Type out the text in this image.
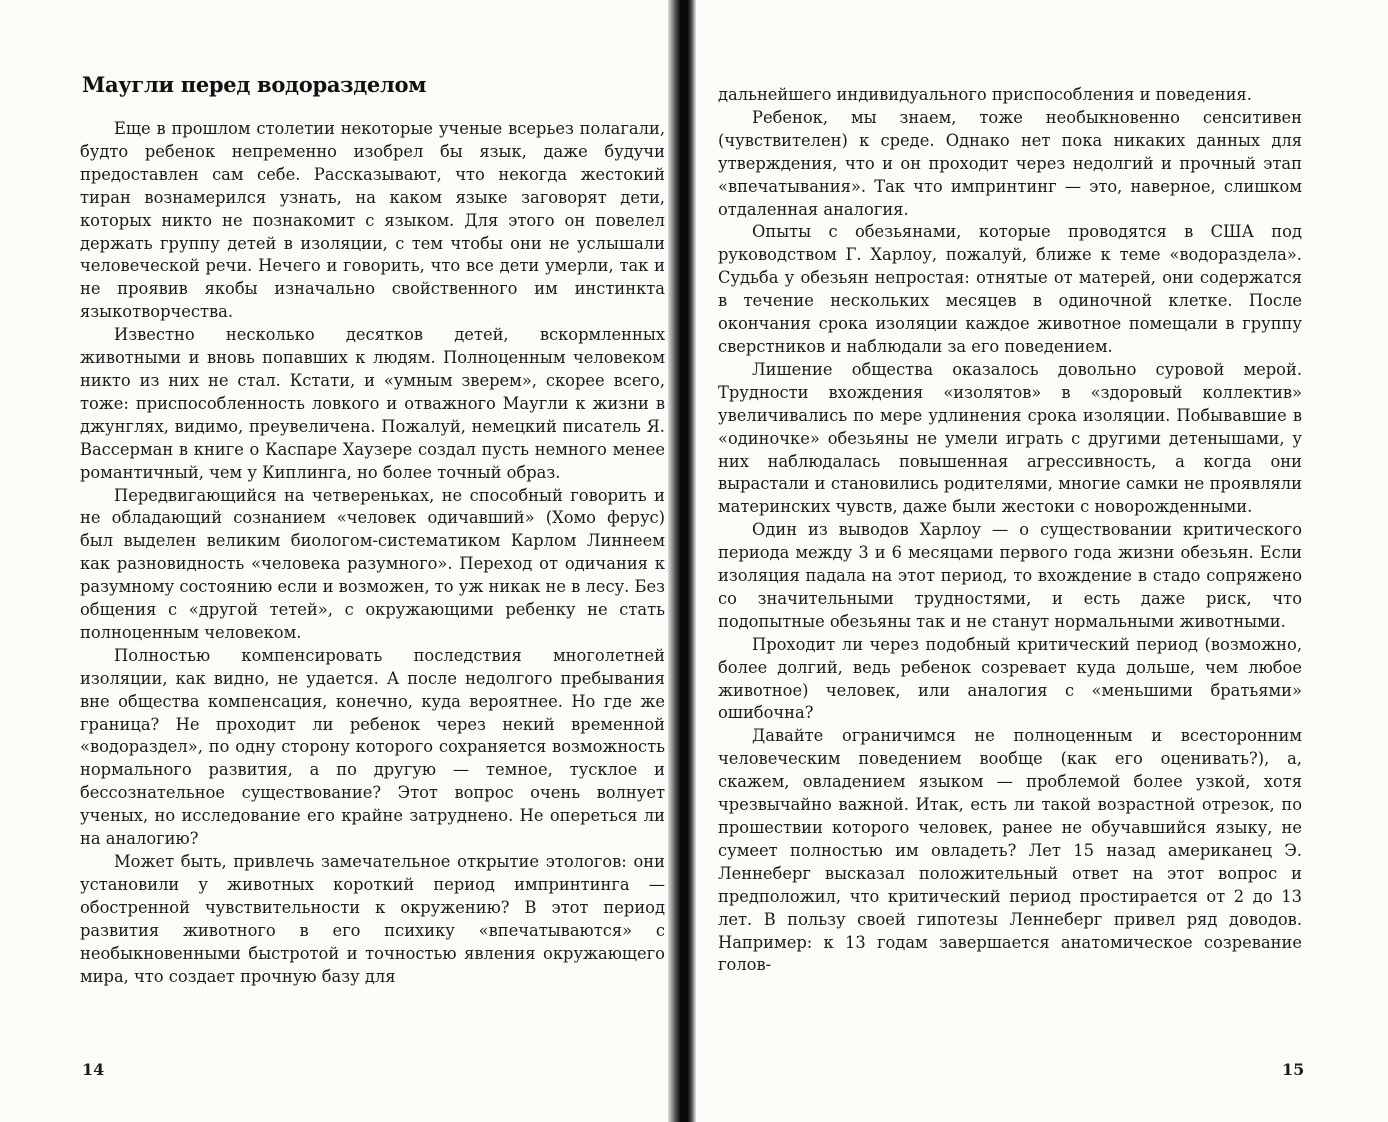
Маугли перед водоразделом

Еще в прошлом столетии некоторые ученые всерьез полагали, будто ребенок непременно изобрел бы язык, даже будучи предоставлен сам себе. Рассказывают, что некогда жестокий тиран вознамерился узнать, на каком языке заговорят дети, которых никто не познакомит с языком. Для этого он повелел держать группу детей в изоляции, с тем чтобы они не услышали человеческой речи. Нечего и говорить, что все дети умерли, так и не проявив якобы изначально свойственного им инстинкта языкотворчества.

Известно несколько десятков детей, вскормленных животными и вновь попавших к людям. Полноценным человеком никто из них не стал. Кстати, и «умным зверем», скорее всего, тоже: приспособленность ловкого и отважного Маугли к жизни в джунглях, видимо, преувеличена. Пожалуй, немецкий писатель Я. Вассерман в книге о Каспаре Хаузере создал пусть немного менее романтичный, чем у Киплинга, но более точный образ.

Передвигающийся на четвереньках, не способный говорить и не обладающий сознанием «человек одичавший» (Хомо ферус) был выделен великим биологом-систематиком Карлом Линнеем как разновидность «человека разумного». Переход от одичания к разумному состоянию если и возможен, то уж никак не в лесу. Без общения с «другой тетей», с окружающими ребенку не стать полноценным человеком.

Полностью компенсировать последствия многолетней изоляции, как видно, не удается. А после недолгого пребывания вне общества компенсация, конечно, куда вероятнее. Но где же граница? Не проходит ли ребенок через некий временной «водораздел», по одну сторону которого сохраняется возможность нормального развития, а по другую — темное, тусклое и бессознательное существование? Этот вопрос очень волнует ученых, но исследование его крайне затруднено. Не опереться ли на аналогию?

Может быть, привлечь замечательное открытие этологов: они установили у животных короткий период импринтинга — обостренной чувствительности к окружению? В этот период развития животного в его психику «впечатываются» с необыкновенными быстротой и точностью явления окружающего мира, что создает прочную базу для

14

дальнейшего индивидуального приспособления и поведения.

Ребенок, мы знаем, тоже необыкновенно сенситивен (чувствителен) к среде. Однако нет пока никаких данных для утверждения, что и он проходит через недолгий и прочный этап «впечатывания». Так что импринтинг — это, наверное, слишком отдаленная аналогия.

Опыты с обезьянами, которые проводятся в США под руководством Г. Харлоу, пожалуй, ближе к теме «водораздела». Судьба у обезьян непростая: отнятые от матерей, они содержатся в течение нескольких месяцев в одиночной клетке. После окончания срока изоляции каждое животное помещали в группу сверстников и наблюдали за его поведением.

Лишение общества оказалось довольно суровой мерой. Трудности вхождения «изолятов» в «здоровый коллектив» увеличивались по мере удлинения срока изоляции. Побывавшие в «одиночке» обезьяны не умели играть с другими детенышами, у них наблюдалась повышенная агрессивность, а когда они вырастали и становились родителями, многие самки не проявляли материнских чувств, даже были жестоки с новорожденными.

Один из выводов Харлоу — о существовании критического периода между 3 и 6 месяцами первого года жизни обезьян. Если изоляция падала на этот период, то вхождение в стадо сопряжено со значительными трудностями, и есть даже риск, что подопытные обезьяны так и не станут нормальными животными.

Проходит ли через подобный критический период (возможно, более долгий, ведь ребенок созревает куда дольше, чем любое животное) человек, или аналогия с «меньшими братьями» ошибочна?

Давайте ограничимся не полноценным и всесторонним человеческим поведением вообще (как его оценивать?), а, скажем, овладением языком — проблемой более узкой, хотя чрезвычайно важной. Итак, есть ли такой возрастной отрезок, по прошествии которого человек, ранее не обучавшийся языку, не сумеет полностью им овладеть? Лет 15 назад американец Э. Леннеберг высказал положительный ответ на этот вопрос и предположил, что критический период простирается от 2 до 13 лет. В пользу своей гипотезы Леннеберг привел ряд доводов. Например: к 13 годам завершается анатомическое созревание голов-

15
